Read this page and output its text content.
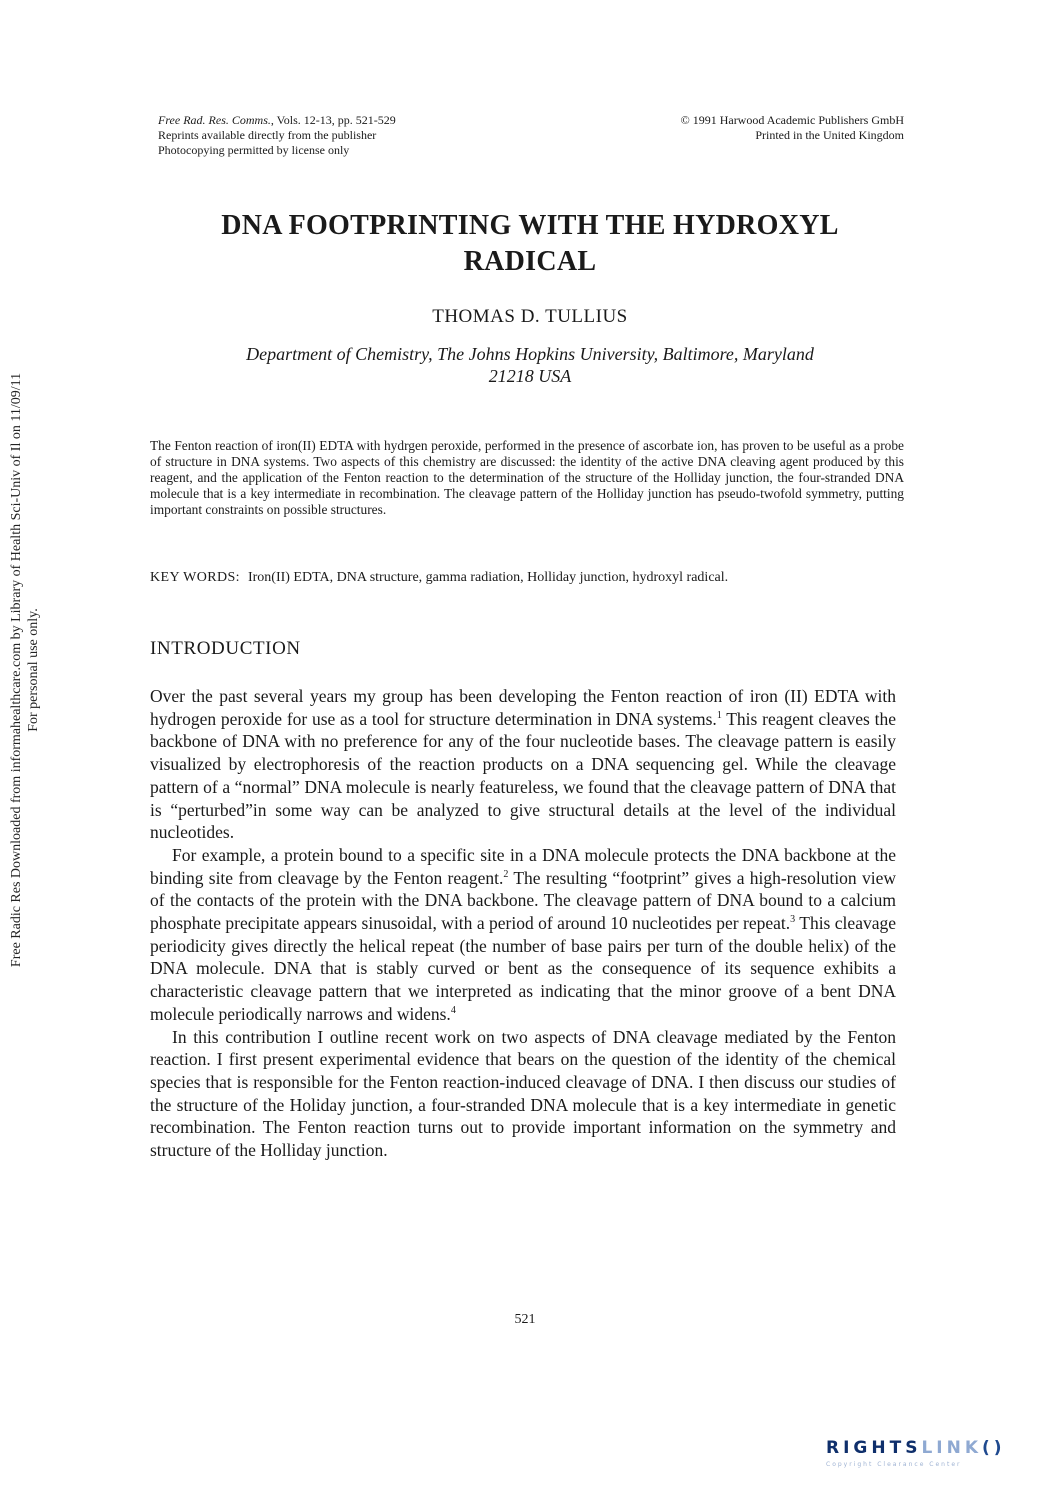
Free Rad. Res. Comms., Vols. 12-13, pp. 521-529
Reprints available directly from the publisher
Photocopying permitted by license only
© 1991 Harwood Academic Publishers GmbH
Printed in the United Kingdom
DNA FOOTPRINTING WITH THE HYDROXYL
RADICAL
THOMAS D. TULLIUS
Department of Chemistry, The Johns Hopkins University, Baltimore, Maryland
21218 USA
The Fenton reaction of iron(II) EDTA with hydrgen peroxide, performed in the presence of ascorbate ion, has proven to be useful as a probe of structure in DNA systems. Two aspects of this chemistry are discussed: the identity of the active DNA cleaving agent produced by this reagent, and the application of the Fenton reaction to the determination of the structure of the Holliday junction, the four-stranded DNA molecule that is a key intermediate in recombination. The cleavage pattern of the Holliday junction has pseudo-twofold symmetry, putting important constraints on possible structures.
KEY WORDS: Iron(II) EDTA, DNA structure, gamma radiation, Holliday junction, hydroxyl radical.
INTRODUCTION

Over the past several years my group has been developing the Fenton reaction of iron (II) EDTA with hydrogen peroxide for use as a tool for structure determination in DNA systems.$^1$ This reagent cleaves the backbone of DNA with no preference for any of the four nucleotide bases. The cleavage pattern is easily visualized by electrophoresis of the reaction products on a DNA sequencing gel. While the cleavage pattern of a “normal” DNA molecule is nearly featureless, we found that the cleavage pattern of DNA that is “perturbed”in some way can be analyzed to give structural details at the level of the individual nucleotides.

For example, a protein bound to a specific site in a DNA molecule protects the DNA backbone at the binding site from cleavage by the Fenton reagent.$^2$ The resulting “footprint” gives a high-resolution view of the contacts of the protein with the DNA backbone. The cleavage pattern of DNA bound to a calcium phosphate precipitate appears sinusoidal, with a period of around 10 nucleotides per repeat.$^3$ This cleavage periodicity gives directly the helical repeat (the number of base pairs per turn of the double helix) of the DNA molecule. DNA that is stably curved or bent as the consequence of its sequence exhibits a characteristic cleavage pattern that we interpreted as indicating that the minor groove of a bent DNA molecule periodically narrows and widens.$^4$

In this contribution I outline recent work on two aspects of DNA cleavage mediated by the Fenton reaction. I first present experimental evidence that bears on the question of the identity of the chemical species that is responsible for the Fenton reaction-induced cleavage of DNA. I then discuss our studies of the structure of the Holiday junction, a four-stranded DNA molecule that is a key intermediate in genetic recombination. The Fenton reaction turns out to provide important information on the symmetry and structure of the Holliday junction.

521
Free Radic Res Downloaded from informahealthcare.com by Library of Health Sci-Univ of Il on 11/09/11 For personal use only.
RIGHTSLINK()
Copyright Clearance Center
